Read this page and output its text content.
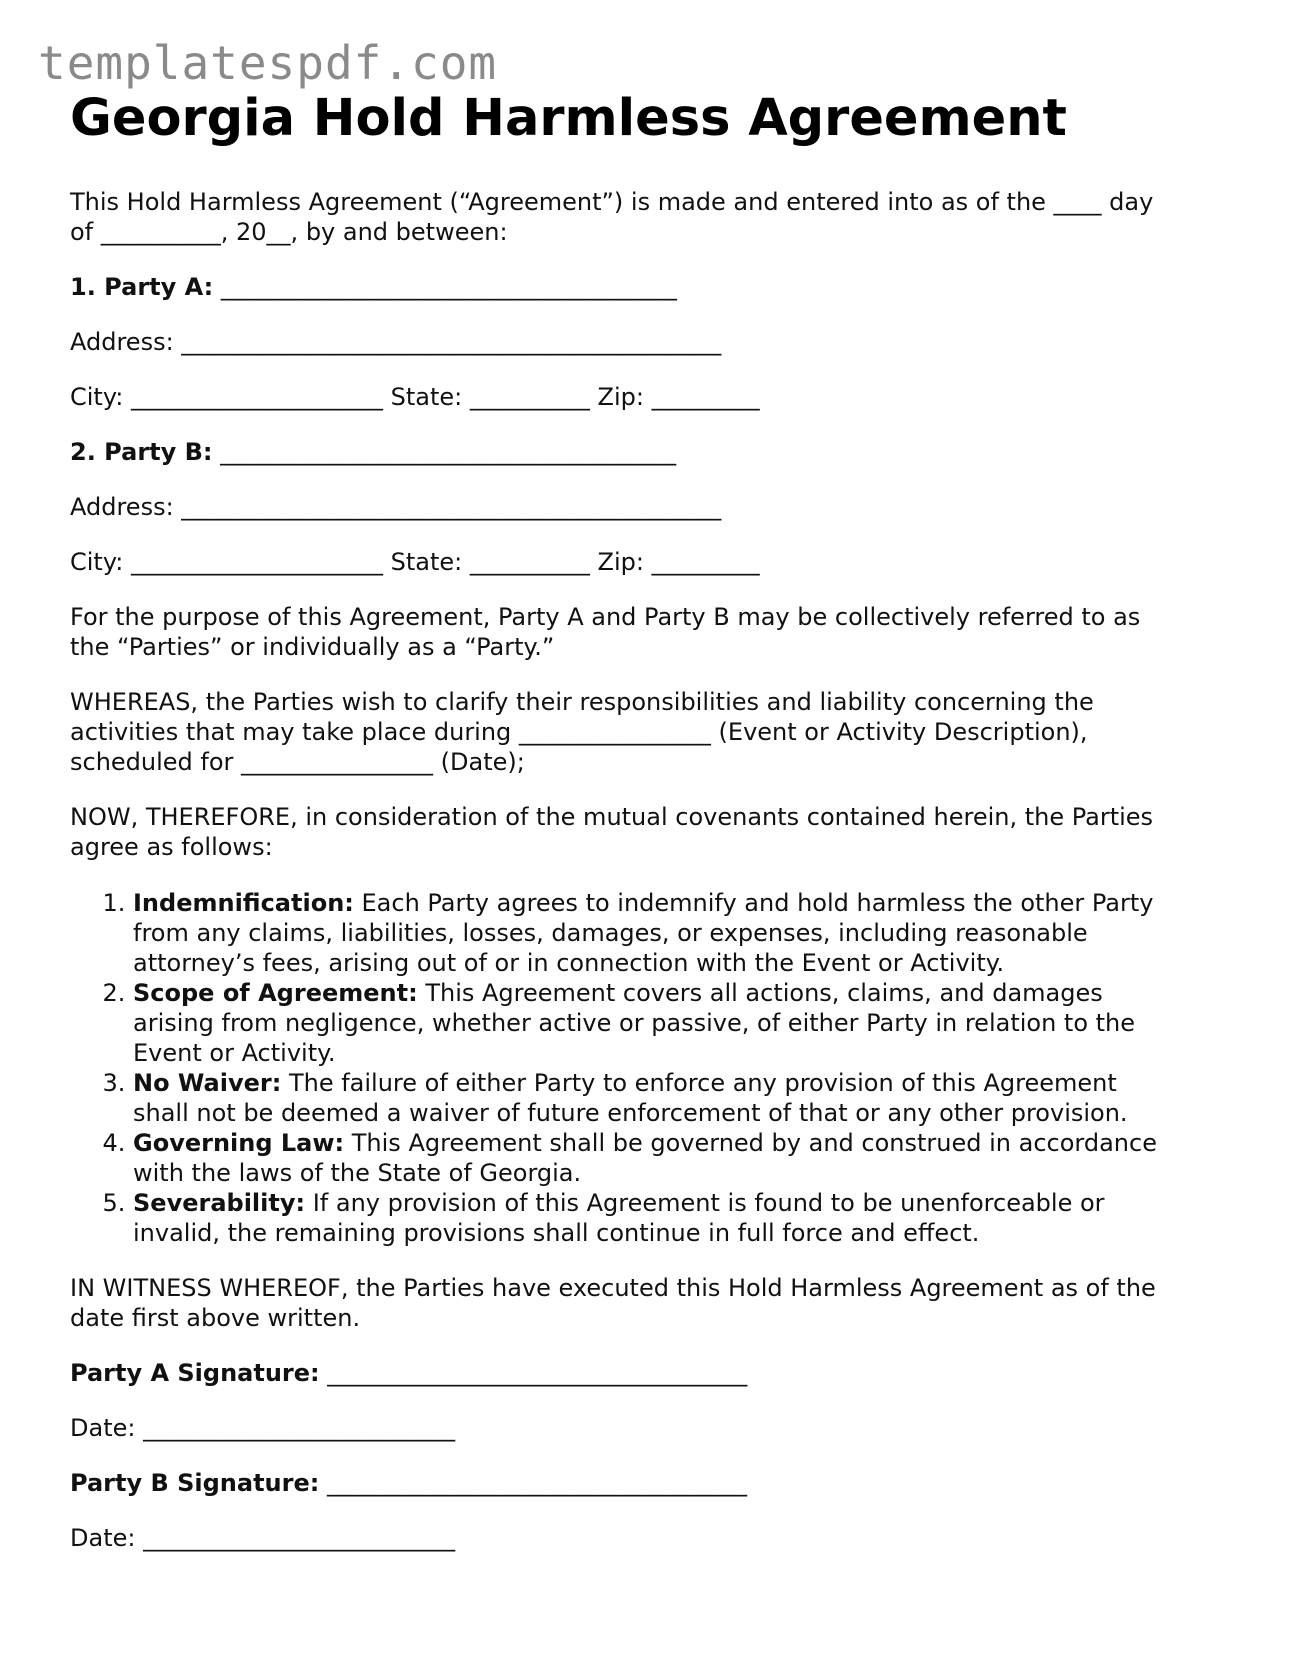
templatespdf.com
Georgia Hold Harmless Agreement

This Hold Harmless Agreement (“Agreement”) is made and entered into as of the ____ day
of __________, 20__, by and between:

1. Party A: ______________________________________

Address: _____________________________________________

City: _____________________ State: __________ Zip: _________

2. Party B: ______________________________________

Address: _____________________________________________

City: _____________________ State: __________ Zip: _________

For the purpose of this Agreement, Party A and Party B may be collectively referred to as
the “Parties” or individually as a “Party.”

WHEREAS, the Parties wish to clarify their responsibilities and liability concerning the
activities that may take place during ________________ (Event or Activity Description),
scheduled for ________________ (Date);

NOW, THEREFORE, in consideration of the mutual covenants contained herein, the Parties
agree as follows:

1. Indemnification: Each Party agrees to indemnify and hold harmless the other Party
from any claims, liabilities, losses, damages, or expenses, including reasonable
attorney’s fees, arising out of or in connection with the Event or Activity.
2. Scope of Agreement: This Agreement covers all actions, claims, and damages
arising from negligence, whether active or passive, of either Party in relation to the
Event or Activity.
3. No Waiver: The failure of either Party to enforce any provision of this Agreement
shall not be deemed a waiver of future enforcement of that or any other provision.
4. Governing Law: This Agreement shall be governed by and construed in accordance
with the laws of the State of Georgia.
5. Severability: If any provision of this Agreement is found to be unenforceable or
invalid, the remaining provisions shall continue in full force and effect.

IN WITNESS WHEREOF, the Parties have executed this Hold Harmless Agreement as of the
date first above written.

Party A Signature: ___________________________________

Date: __________________________

Party B Signature: ___________________________________

Date: __________________________
